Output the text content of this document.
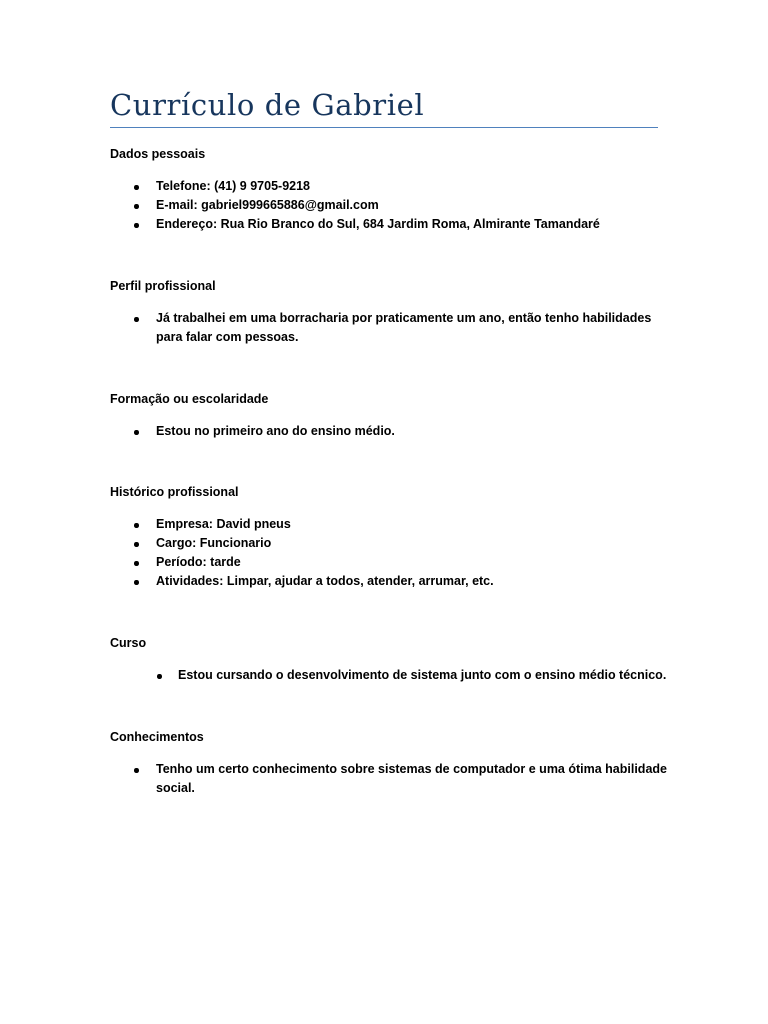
Currículo de Gabriel

Dados pessoais

Telefone: (41) 9 9705-9218
E-mail: gabriel999665886@gmail.com
Endereço: Rua Rio Branco do Sul, 684 Jardim Roma, Almirante Tamandaré

Perfil profissional

Já trabalhei em uma borracharia por praticamente um ano, então tenho habilidades para falar com pessoas.

Formação ou escolaridade

Estou no primeiro ano do ensino médio.

Histórico profissional

Empresa: David pneus
Cargo: Funcionario
Período: tarde
Atividades: Limpar, ajudar a todos, atender, arrumar, etc.

Curso

Estou cursando o desenvolvimento de sistema junto com o ensino médio técnico.

Conhecimentos

Tenho um certo conhecimento sobre sistemas de computador e uma ótima habilidade social.
